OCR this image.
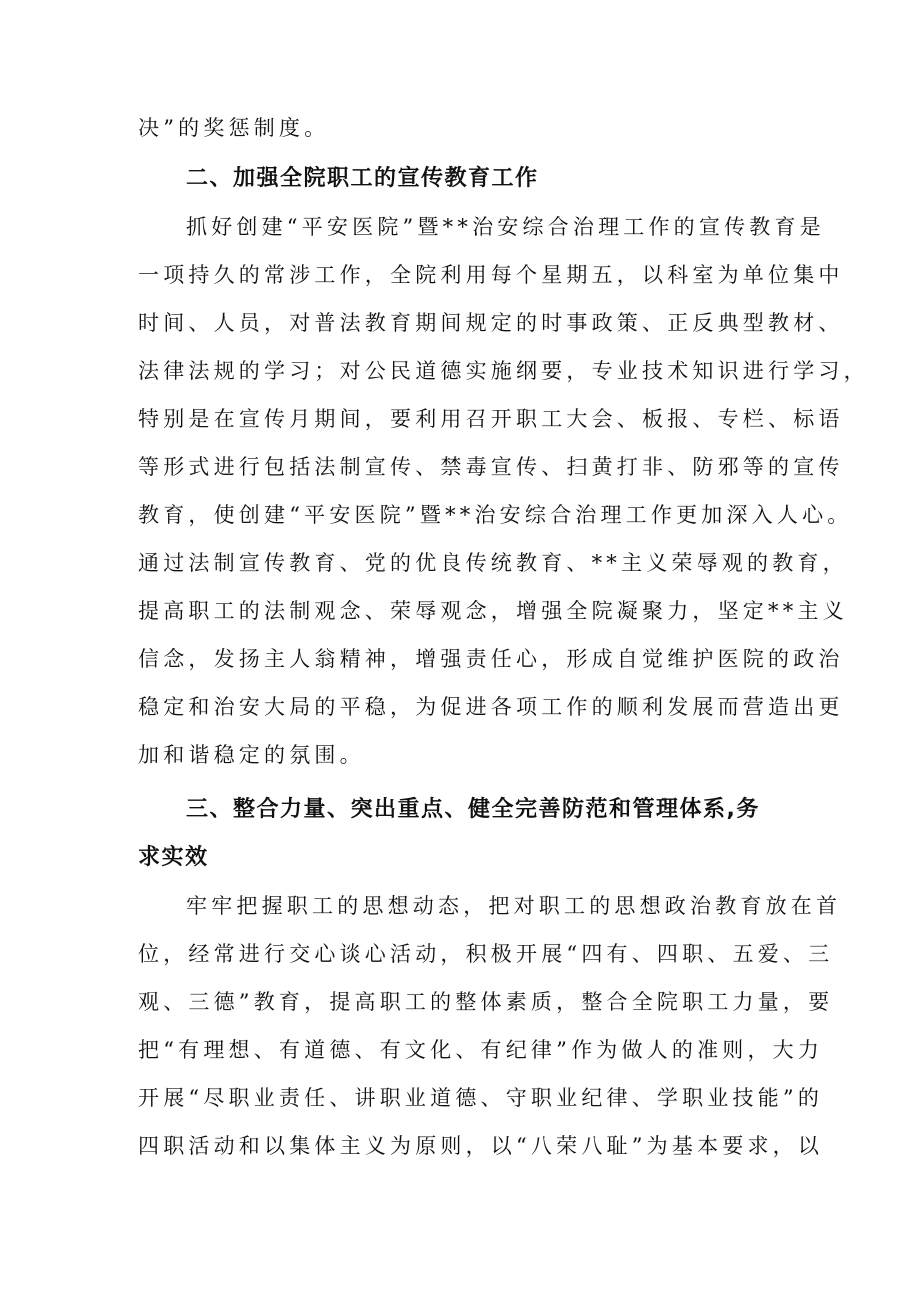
决”的奖惩制度。
二、加强全院职工的宣传教育工作
抓好创建“平安医院”暨**治安综合治理工作的宣传教育是
一项持久的常涉工作，全院利用每个星期五，以科室为单位集中
时间、人员，对普法教育期间规定的时事政策、正反典型教材、
法律法规的学习；对公民道德实施纲要，专业技术知识进行学习，
特别是在宣传月期间，要利用召开职工大会、板报、专栏、标语
等形式进行包括法制宣传、禁毒宣传、扫黄打非、防邪等的宣传
教育，使创建“平安医院”暨**治安综合治理工作更加深入人心。
通过法制宣传教育、党的优良传统教育、**主义荣辱观的教育，
提高职工的法制观念、荣辱观念，增强全院凝聚力，坚定**主义
信念，发扬主人翁精神，增强责任心，形成自觉维护医院的政治
稳定和治安大局的平稳，为促进各项工作的顺利发展而营造出更
加和谐稳定的氛围。
三、整合力量、突出重点、健全完善防范和管理体系,务
求实效
牢牢把握职工的思想动态，把对职工的思想政治教育放在首
位，经常进行交心谈心活动，积极开展“四有、四职、五爱、三
观、三德”教育，提高职工的整体素质，整合全院职工力量，要
把“有理想、有道德、有文化、有纪律”作为做人的准则，大力
开展“尽职业责任、讲职业道德、守职业纪律、学职业技能”的
四职活动和以集体主义为原则，以“八荣八耻”为基本要求，以
